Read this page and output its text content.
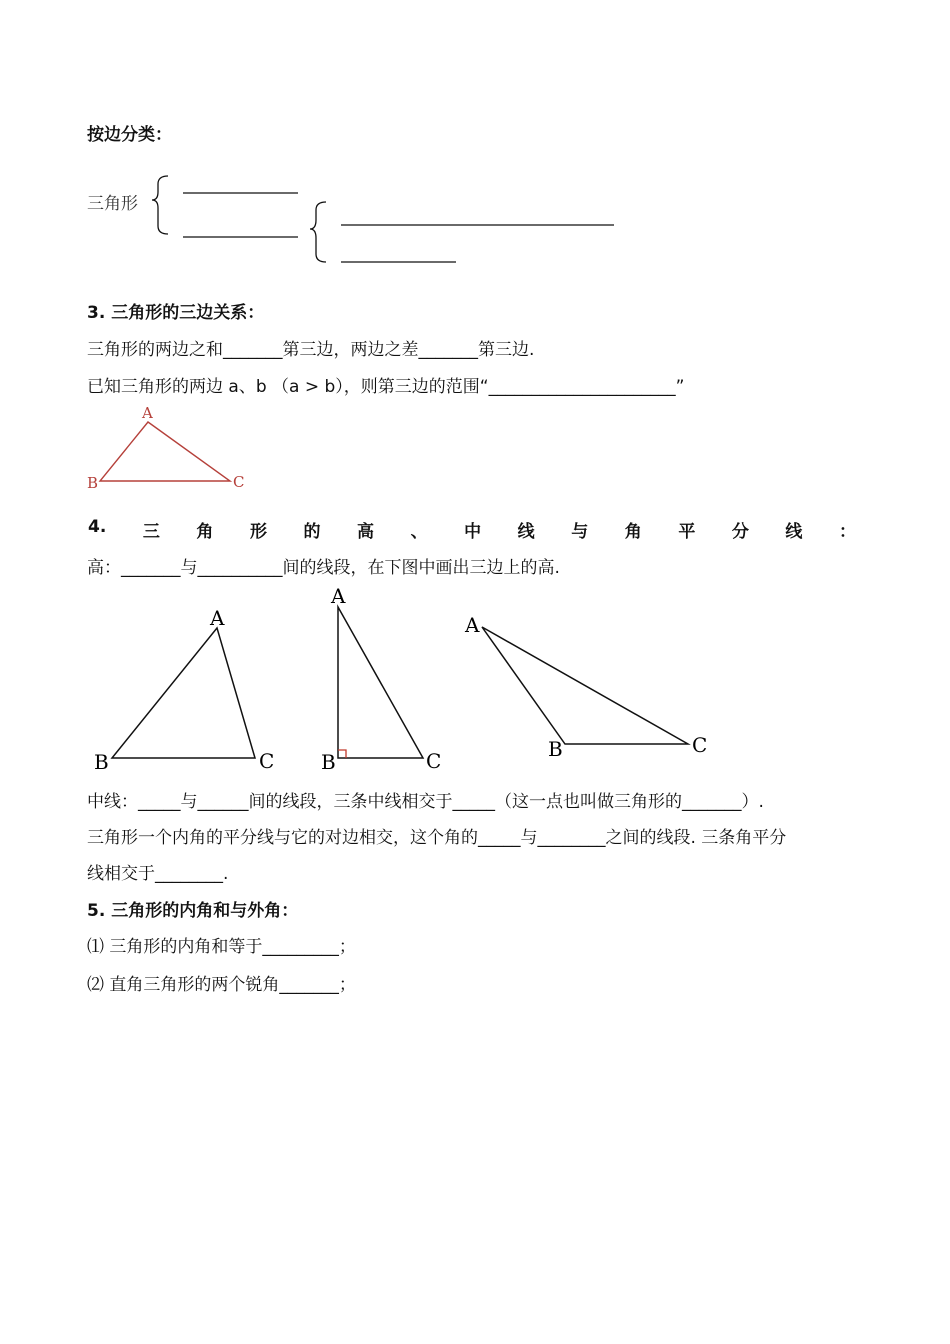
按边分类：
三角形
3. 三角形的三边关系：
三角形的两边之和_______第三边，两边之差_______第三边.
已知三角形的两边 a、b （a > b），则第三边的范围“______________________”
A
B	C
4. 三 角 形 的 高 、 中 线 与 角 平 分 线 ：
高：_______与__________间的线段，在下图中画出三边上的高.
A
B	C
A
B	C
A
B	C
中线：_____与______间的线段，三条中线相交于_____（这一点也叫做三角形的_______）.
三角形一个内角的平分线与它的对边相交，这个角的_____与________之间的线段. 三条角平分
线相交于________.
5. 三角形的内角和与外角：
⑴ 三角形的内角和等于_________；
⑵ 直角三角形的两个锐角_______；
